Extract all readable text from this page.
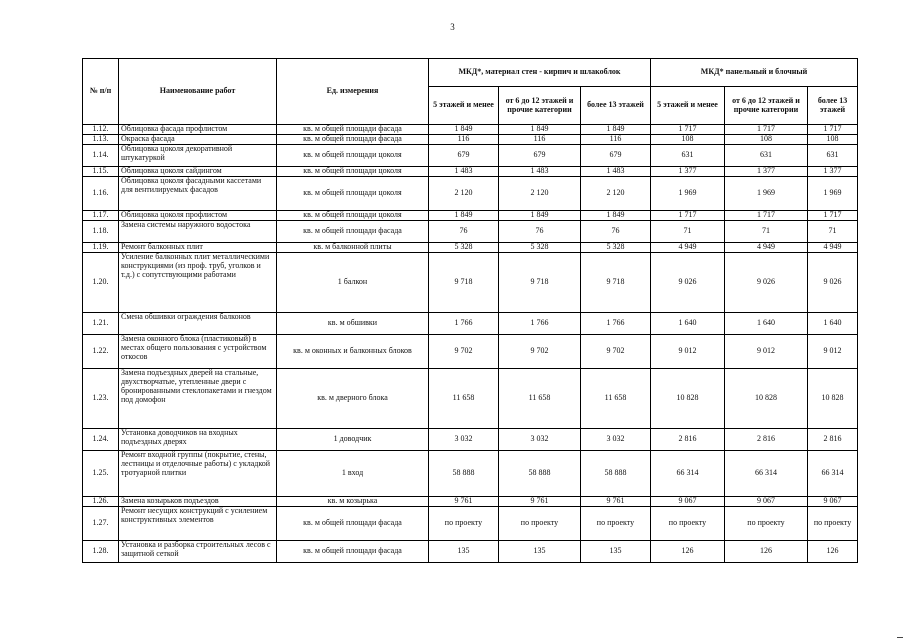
3
№ п/п	Наименование работ	Ед. измерения	МКД*, материал стен - кирпич и шлакоблок			МКД* панельный и блочный		
			5 этажей и менее	от 6 до 12 этажей и прочие категории	более 13 этажей	5 этажей и менее	от 6 до 12 этажей и прочие категории	более 13 этажей
1.12.	Облицовка фасада профлистом	кв. м общей площади фасада	1 849	1 849	1 849	1 717	1 717	1 717
1.13.	Окраска фасада	кв. м общей площади фасада	116	116	116	108	108	108
1.14.	Облицовка цоколя декоративной штукатуркой	кв. м общей площади цоколя	679	679	679	631	631	631
1.15.	Облицовка цоколя сайдингом	кв. м общей площади цоколя	1 483	1 483	1 483	1 377	1 377	1 377
1.16.	Облицовка цоколя фасадными кассетами для вентилируемых фасадов	кв. м общей площади цоколя	2 120	2 120	2 120	1 969	1 969	1 969
1.17.	Облицовка цоколя профлистом	кв. м общей площади цоколя	1 849	1 849	1 849	1 717	1 717	1 717
1.18.	Замена системы наружного водостока	кв. м общей площади фасада	76	76	76	71	71	71
1.19.	Ремонт балконных плит	кв. м балконной плиты	5 328	5 328	5 328	4 949	4 949	4 949
1.20.	Усиление балконных плит металлическими конструкциями (из проф. труб, уголков и т.д.) с сопутствующими работами	1 балкон	9 718	9 718	9 718	9 026	9 026	9 026
1.21.	Смена обшивки ограждения балконов	кв. м обшивки	1 766	1 766	1 766	1 640	1 640	1 640
1.22.	Замена оконного блока (пластиковый) в местах общего пользования с устройством откосов	кв. м оконных и балконных блоков	9 702	9 702	9 702	9 012	9 012	9 012
1.23.	Замена подъездных дверей на стальные, двухстворчатые, утепленные двери с бронированными стеклопакетами и гнездом под домофон	кв. м дверного блока	11 658	11 658	11 658	10 828	10 828	10 828
1.24.	Установка доводчиков на входных подъездных дверях	1 доводчик	3 032	3 032	3 032	2 816	2 816	2 816
1.25.	Ремонт входной группы (покрытие, стены, лестницы и отделочные работы) с укладкой тротуарной плитки	1 вход	58 888	58 888	58 888	66 314	66 314	66 314
1.26.	Замена козырьков подъездов	кв. м козырька	9 761	9 761	9 761	9 067	9 067	9 067
1.27.	Ремонт несущих конструкций с усилением конструктивных элементов	кв. м общей площади фасада	по проекту	по проекту	по проекту	по проекту	по проекту	по проекту
1.28.	Установка и разборка строительных лесов с защитной сеткой	кв. м общей площади фасада	135	135	135	126	126	126
